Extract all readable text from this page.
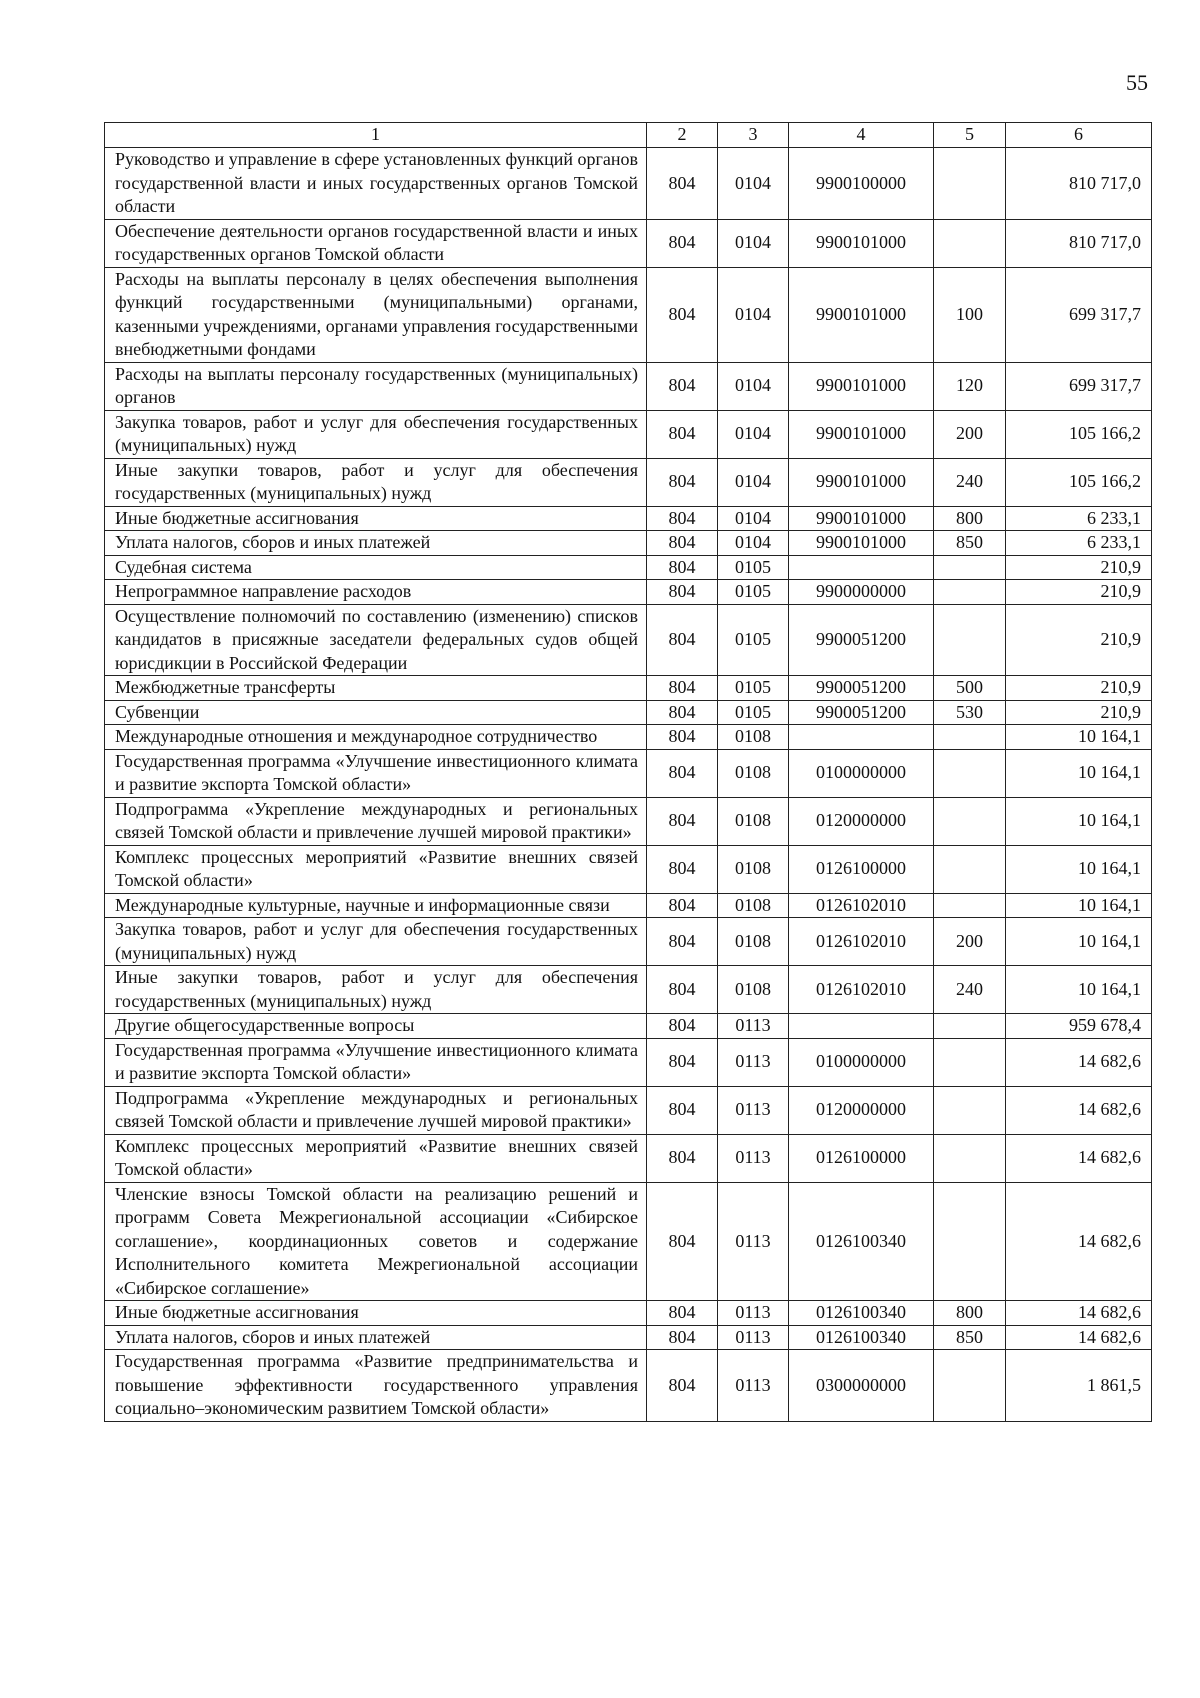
55
1	2	3	4	5	6
Руководство и управление в сфере установленных функций органов государственной власти и иных государственных органов Томской области	804	0104	9900100000		810 717,0
Обеспечение деятельности органов государственной власти и иных государственных органов Томской области	804	0104	9900101000		810 717,0
Расходы на выплаты персоналу в целях обеспечения выполнения функций государственными (муниципальными) органами, казенными учреждениями, органами управления государственными внебюджетными фондами	804	0104	9900101000	100	699 317,7
Расходы на выплаты персоналу государственных (муниципальных) органов	804	0104	9900101000	120	699 317,7
Закупка товаров, работ и услуг для обеспечения государственных (муниципальных) нужд	804	0104	9900101000	200	105 166,2
Иные закупки товаров, работ и услуг для обеспечения государственных (муниципальных) нужд	804	0104	9900101000	240	105 166,2
Иные бюджетные ассигнования	804	0104	9900101000	800	6 233,1
Уплата налогов, сборов и иных платежей	804	0104	9900101000	850	6 233,1
Судебная система	804	0105			210,9
Непрограммное направление расходов	804	0105	9900000000		210,9
Осуществление полномочий по составлению (изменению) списков кандидатов в присяжные заседатели федеральных судов общей юрисдикции в Российской Федерации	804	0105	9900051200		210,9
Межбюджетные трансферты	804	0105	9900051200	500	210,9
Субвенции	804	0105	9900051200	530	210,9
Международные отношения и международное сотрудничество	804	0108			10 164,1
Государственная программа «Улучшение инвестиционного климата и развитие экспорта Томской области»	804	0108	0100000000		10 164,1
Подпрограмма «Укрепление международных и региональных связей Томской области и привлечение лучшей мировой практики»	804	0108	0120000000		10 164,1
Комплекс процессных мероприятий «Развитие внешних связей Томской области»	804	0108	0126100000		10 164,1
Международные культурные, научные и информационные связи	804	0108	0126102010		10 164,1
Закупка товаров, работ и услуг для обеспечения государственных (муниципальных) нужд	804	0108	0126102010	200	10 164,1
Иные закупки товаров, работ и услуг для обеспечения государственных (муниципальных) нужд	804	0108	0126102010	240	10 164,1
Другие общегосударственные вопросы	804	0113			959 678,4
Государственная программа «Улучшение инвестиционного климата и развитие экспорта Томской области»	804	0113	0100000000		14 682,6
Подпрограмма «Укрепление международных и региональных связей Томской области и привлечение лучшей мировой практики»	804	0113	0120000000		14 682,6
Комплекс процессных мероприятий «Развитие внешних связей Томской области»	804	0113	0126100000		14 682,6
Членские взносы Томской области на реализацию решений и программ Совета Межрегиональной ассоциации «Сибирское соглашение», координационных советов и содержание Исполнительного комитета Межрегиональной ассоциации «Сибирское соглашение»	804	0113	0126100340		14 682,6
Иные бюджетные ассигнования	804	0113	0126100340	800	14 682,6
Уплата налогов, сборов и иных платежей	804	0113	0126100340	850	14 682,6
Государственная программа «Развитие предпринимательства и повышение эффективности государственного управления социально–экономическим развитием Томской области»	804	0113	0300000000		1 861,5
